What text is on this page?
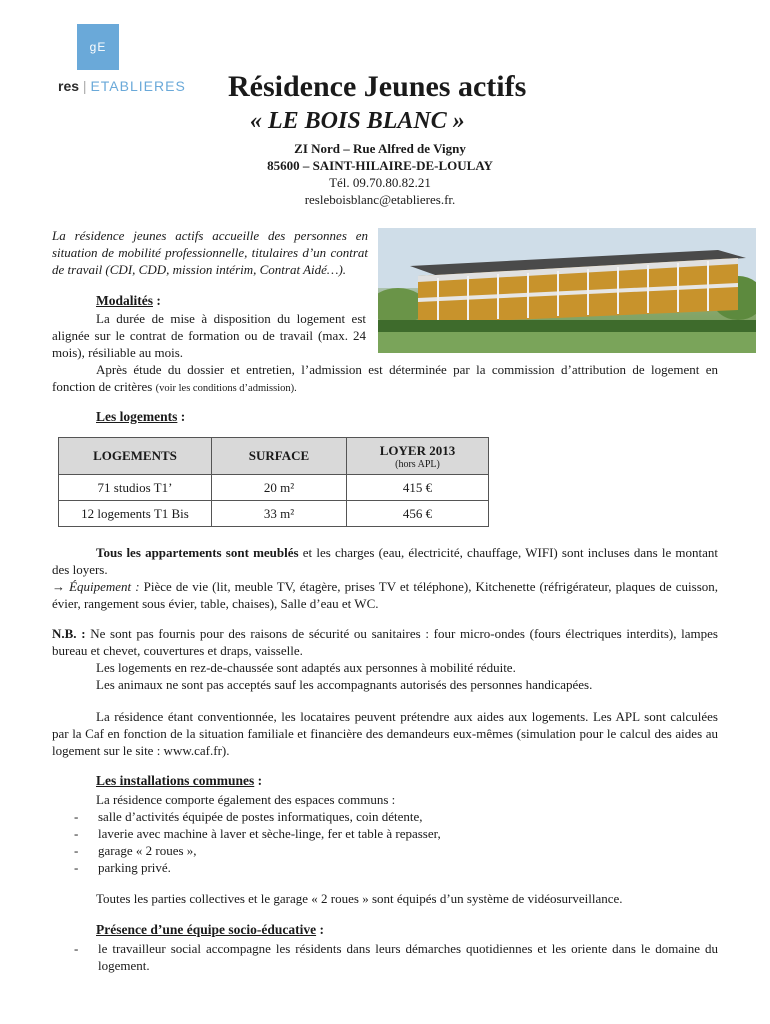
gE
res | ETABLIERES Résidence Jeunes actifs
« LE BOIS BLANC »
ZI Nord – Rue Alfred de Vigny
85600 – SAINT-HILAIRE-DE-LOULAY
Tél. 09.70.80.82.21
resleboisblanc@etablieres.fr.
La résidence jeunes actifs accueille des personnes en situation de mobilité professionnelle, titulaires d’un contrat de travail (CDI, CDD, mission intérim, Contrat Aidé…).
Modalités :
La durée de mise à disposition du logement est alignée sur le contrat de formation ou de travail (max. 24 mois), résiliable au mois.
Après étude du dossier et entretien, l’admission est déterminée par la commission d’attribution de logement en fonction de critères (voir les conditions d’admission).
Les logements :
LOGEMENTS	SURFACE	LOYER 2013
(hors APL)

71 studios T1’	20 m²	415 €
12 logements T1 Bis	33 m²	456 €
Tous les appartements sont meublés et les charges (eau, électricité, chauffage, WIFI) sont incluses dans le montant des loyers.
→ Équipement : Pièce de vie (lit, meuble TV, étagère, prises TV et téléphone), Kitchenette (réfrigérateur, plaques de cuisson, évier, rangement sous évier, table, chaises), Salle d’eau et WC.
N.B. : Ne sont pas fournis pour des raisons de sécurité ou sanitaires : four micro-ondes (fours électriques interdits), lampes bureau et chevet, couvertures et draps, vaisselle.
Les logements en rez-de-chaussée sont adaptés aux personnes à mobilité réduite.
Les animaux ne sont pas acceptés sauf les accompagnants autorisés des personnes handicapées.
La résidence étant conventionnée, les locataires peuvent prétendre aux aides aux logements. Les APL sont calculées par la Caf en fonction de la situation familiale et financière des demandeurs eux-mêmes (simulation pour le calcul des aides au logement sur le site : www.caf.fr).
Les installations communes :
La résidence comporte également des espaces communs :
- salle d’activités équipée de postes informatiques, coin détente,
- laverie avec machine à laver et sèche-linge, fer et table à repasser,
- garage « 2 roues »,
- parking privé.
Toutes les parties collectives et le garage « 2 roues » sont équipés d’un système de vidéosurveillance.
Présence d’une équipe socio-éducative :
- le travailleur social accompagne les résidents dans leurs démarches quotidiennes et les oriente dans le domaine du logement.
